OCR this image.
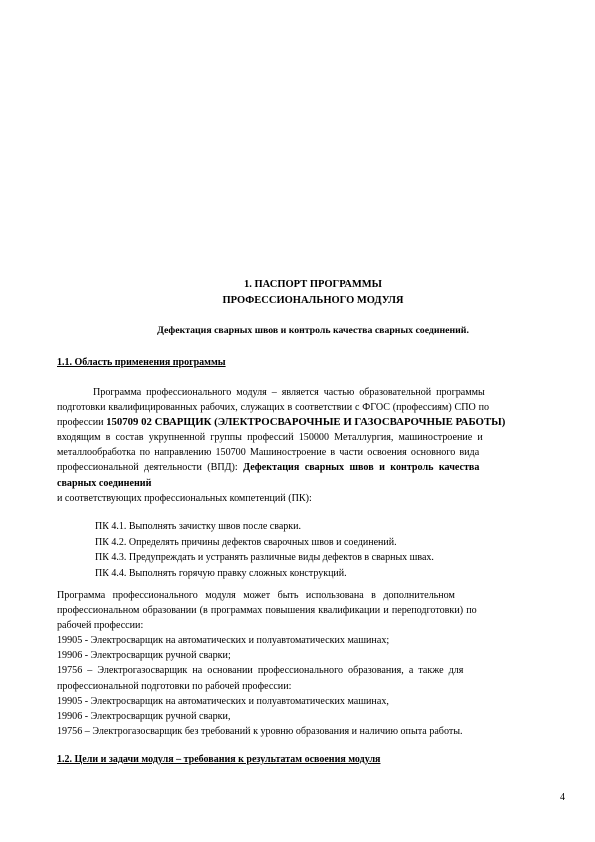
1. ПАСПОРТ ПРОГРАММЫ
ПРОФЕССИОНАЛЬНОГО МОДУЛЯ
Дефектация сварных швов и контроль качества сварных соединений.
1.1. Область применения программы
Программа профессионального модуля – является частью образовательной программы
подготовки квалифицированных рабочих, служащих в соответствии с ФГОС (профессиям) СПО по
профессии 150709 02 СВАРЩИК (ЭЛЕКТРОСВАРОЧНЫЕ И ГАЗОСВАРОЧНЫЕ РАБОТЫ)
входящим в состав укрупненной группы профессий 150000 Металлургия, машиностроение и
металлообработка по направлению 150700 Машиностроение в части освоения основного вида
профессиональной деятельности (ВПД): Дефектация сварных швов и контроль качества
сварных соединений
и соответствующих профессиональных компетенций (ПК):
ПК 4.1. Выполнять зачистку швов после сварки.
ПК 4.2. Определять причины дефектов сварочных швов и соединений.
ПК 4.3. Предупреждать и устранять различные виды дефектов в сварных швах.
ПК 4.4. Выполнять горячую правку сложных конструкций.
Программа профессионального модуля может быть использована в дополнительном
профессиональном образовании (в программах повышения квалификации и переподготовки) по
рабочей профессии:
19905 - Электросварщик на автоматических и полуавтоматических машинах;
19906 - Электросварщик ручной сварки;
19756 – Электрогазосварщик на основании профессионального образования, а также для
профессиональной подготовки по рабочей профессии:
19905 - Электросварщик на автоматических и полуавтоматических машинах,
19906 - Электросварщик ручной сварки,
19756 – Электрогазосварщик без требований к уровню образования и наличию опыта работы.
1.2. Цели и задачи модуля – требования к результатам освоения модуля
4
